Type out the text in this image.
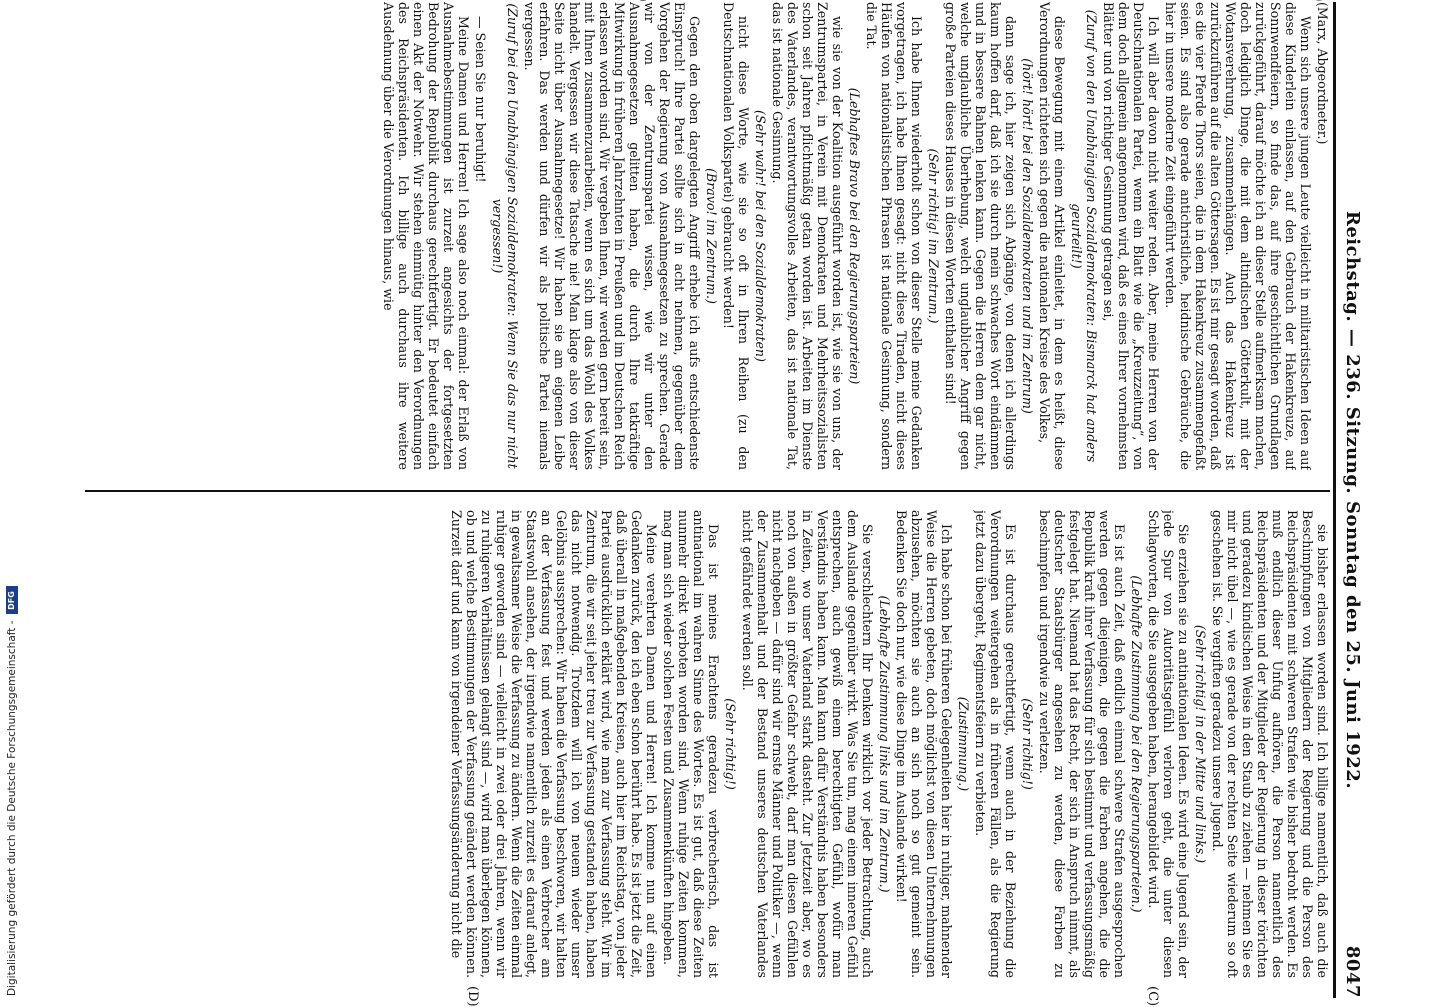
Reichstag. — 236. Sitzung. Sonntag den 25. Juni 1922.
8047
(C)
(D)

(Marx, Abgeordneter.)

Wenn sich unsere jungen Leute vielleicht in militaristischen Ideen auf diese Kinderlein einlassen, auf den Gebrauch der Hakenkreuze, auf Sonnwendfeiern, so finde das, auf ihre geschichtlichen Grundlagen zurückgeführt, darauf möchte ich an dieser Stelle aufmerksam machen, doch lediglich Dinge, die mit dem altindischen Götterkult, mit der Wotansverehrung, zusammenhängen. Auch das Hakenkreuz ist zurückzuführen auf die alten Göttersagen. Es ist mir gesagt worden, daß es die vier Pferde Thors seien, die in dem Hakenkreuz zusammengefaßt seien. Es sind also gerade antichristliche, heidnische Gebräuche, die hier in unsere moderne Zeit eingeführt werden.

Ich will aber davon nicht weiter reden. Aber, meine Herren von der Deutschnationalen Partei, wenn ein Blatt wie die „Kreuzzeitung“, von dem doch allgemein angenommen wird, daß es eines Ihrer vornehmsten Blätter und von richtiger Gesinnung getragen sei,

(Zuruf von den Unabhängigen Sozialdemokraten: Bismarck hat anders geurteilt!)

diese Bewegung mit einem Artikel einleitet, in dem es heißt, diese Verordnungen richteten sich gegen die nationalen Kreise des Volkes,

(hört! hört! bei den Sozialdemokraten und im Zentrum)

dann sage ich, hier zeigen sich Abgänge, von denen ich allerdings kaum hoffen darf, daß ich sie durch mein schwaches Wort eindämmen und in bessere Bahnen lenken kann. Gegen die Herren dem gar nicht, welche unglaubliche Überhebung, welch unglaublicher Angriff gegen große Parteien dieses Hauses in diesen Worten enthalten sind!

(Sehr richtig! im Zentrum.)

Ich habe Ihnen wiederholt schon von dieser Stelle meine Gedanken vorgetragen, ich habe Ihnen gesagt: nicht diese Tiraden, nicht dieses Häufen von nationalistischen Phrasen ist nationale Gesinnung, sondern die Tat.

(Lebhaftes Bravo bei den Regierungsparteien)

wie sie von der Koalition ausgeführt worden ist, wie sie von uns, der Zentrumspartei, in Verein mit Demokraten und Mehrheitssozialisten schon seit Jahren pflichtmäßig getan worden ist. Arbeiten im Dienste des Vaterlandes, verantwortungsvolles Arbeiten, das ist nationale Tat, das ist nationale Gesinnung.

(Sehr wahr! bei den Sozialdemokraten)

nicht diese Worte, wie sie so oft in Ihren Reihen (zu den Deutschnationalen Volkspartei) gebraucht werden!

(Bravo! im Zentrum.)

Gegen den oben dargelegten Angriff erhebe ich aufs entschiedenste Einspruch! Ihre Partei sollte sich in acht nehmen, gegenüber dem Vorgehen der Regierung von Ausnahmegesetzen zu sprechen. Gerade wir von der Zentrumspartei wissen, wie wir unter den Ausnahmegesetzen gelitten haben, die durch Ihre tatkräftige Mitwirkung in früheren Jahrzehnten in Preußen und im Deutschen Reich erlassen worden sind. Wir vergeben Ihnen, wir werden gern bereit sein, mit Ihnen zusammenzuarbeiten, wenn es sich um das Wohl des Volkes handelt. Vergessen wir diese Tatsache nie! Man klage also von dieser Seite nicht über Ausnahmegesetze! Wir haben sie am eigenen Leibe erfahren. Das werden und dürfen wir als politische Partei niemals vergessen.

(Zuruf bei den Unabhängigen Sozialdemokraten: Wenn Sie das nur nicht vergessen!)

— Seien Sie nur beruhigt!

Meine Damen und Herren! Ich sage also noch einmal: der Erlaß von Ausnahmebestimmungen ist zurzeit angesichts der fortgesetzten Bedrohung der Republik durchaus gerechtfertigt. Er bedeutet einfach einen Akt der Notwehr. Wir stehen einmütig hinter den Verordnungen des Reichspräsidenten. Ich billige auch durchaus ihre weitere Ausdehnung über die Verordnungen hinaus, wie

sie bisher erlassen worden sind. Ich billige namentlich, daß auch die Beschimpfungen von Mitgliedern der Regierung und die Person des Reichspräsidenten mit schweren Strafen wie bisher bedroht werden. Es muß endlich dieser Unfug aufhören, die Person namentlich des Reichspräsidenten und der Mitglieder der Regierung in dieser törichten und geradezu kindischen Weise in den Staub zu ziehen — nehmen Sie es mir nicht übel —, wie es gerade von der rechten Seite wiederum so oft geschehen ist. Sie vergiften geradezu unsere Jugend.

(Sehr richtig! in der Mitte und links.)

Sie erziehen sie zu antinationalen Ideen. Es wird eine Jugend sein, der jede Spur von Autoritätsgefühl verloren geht, die unter diesen Schlagworten, die Sie ausgegeben haben, herangebildet wird.

(Lebhafte Zustimmung bei den Regierungsparteien.)

Es ist auch Zeit, daß endlich einmal schwere Strafen ausgesprochen werden gegen diejenigen, die gegen die Farben angehen, die die Republik kraft ihrer Verfassung für sich bestimmt und verfassungsmäßig festgelegt hat. Niemand hat das Recht, der sich in Anspruch nimmt, als deutscher Staatsbürger angesehen zu werden, diese Farben zu beschimpfen und irgendwie zu verletzen.

(Sehr richtig!)

Es ist durchaus gerechtfertigt, wenn auch in der Beziehung die Verordnungen weitergehen als in früheren Fällen, als die Regierung jetzt dazu übergeht, Regimentsfeiern zu verbieten.

(Zustimmung.)

Ich habe schon bei früheren Gelegenheiten hier in ruhiger, mahnender Weise die Herren gebeten, doch möglichst von diesen Unternehmungen abzusehen, möchten sie auch an sich noch so gut gemeint sein. Bedenken Sie doch nur, wie diese Dinge im Auslande wirken!

(Lebhafte Zustimmung links und im Zentrum.)

Sie verschlechtern Ihr Denken wirklich vor jeder Betrachtung, auch dem Auslande gegenüber wirkt. Was Sie tun, mag einem inneren Gefühl entsprechen, auch gewiß einem berechtigten Gefühl, wofür man Verständnis haben kann. Man kann dafür Verständnis haben besonders in Zeiten, wo unser Vaterland stark dasteht. Zur Jetztzeit aber, wo es noch von außen in größter Gefahr schwebt, darf man diesen Gefühlen nicht nachgeben — dafür sind wir ernste Männer und Politiker —, wenn der Zusammenhalt und der Bestand unseres deutschen Vaterlandes nicht gefährdet werden soll.

(Sehr richtig!)

Das ist meines Erachtens geradezu verbrecherisch, das ist antinational im wahren Sinne des Wortes. Es ist gut, daß diese Zeiten nunmehr direkt verboten worden sind. Wenn ruhige Zeiten kommen, mag man sich wieder solchen Festen und Zusammenkünften hingeben.

Meine verehrten Damen und Herren! Ich komme nun auf einen Gedanken zurück, den ich eben schon berührt habe. Es ist jetzt die Zeit, daß überall in maßgebenden Kreisen, auch hier im Reichstag, von jeder Partei ausdrücklich erklärt wird, wie man zur Verfassung steht. Wir im Zentrum, die wir seit jeher treu zur Verfassung gestanden haben, haben das nicht notwendig. Trotzdem will ich von neuem wieder unser Gelöbnis aussprechen: Wir haben die Verfassung beschworen, wir halten an der Verfassung fest und werden jeden als einen Verbrecher am Staatswohl ansehen, der irgendwie namentlich zurzeit es darauf anlegt, in gewaltsamer Weise die Verfassung zu ändern. Wenn die Zeiten einmal ruhiger geworden sind — vielleicht in zwei oder drei Jahren, wenn wir zu ruhigeren Verhältnissen gelangt sind —, wird man überlegen können, ob und welche Bestimmungen der Verfassung geändert werden können. Zurzeit darf und kann von irgendeiner Verfassungsänderung nicht die

Digitalisierung gefördert durch die Deutsche Forschungsgemeinschaft -
DFG
